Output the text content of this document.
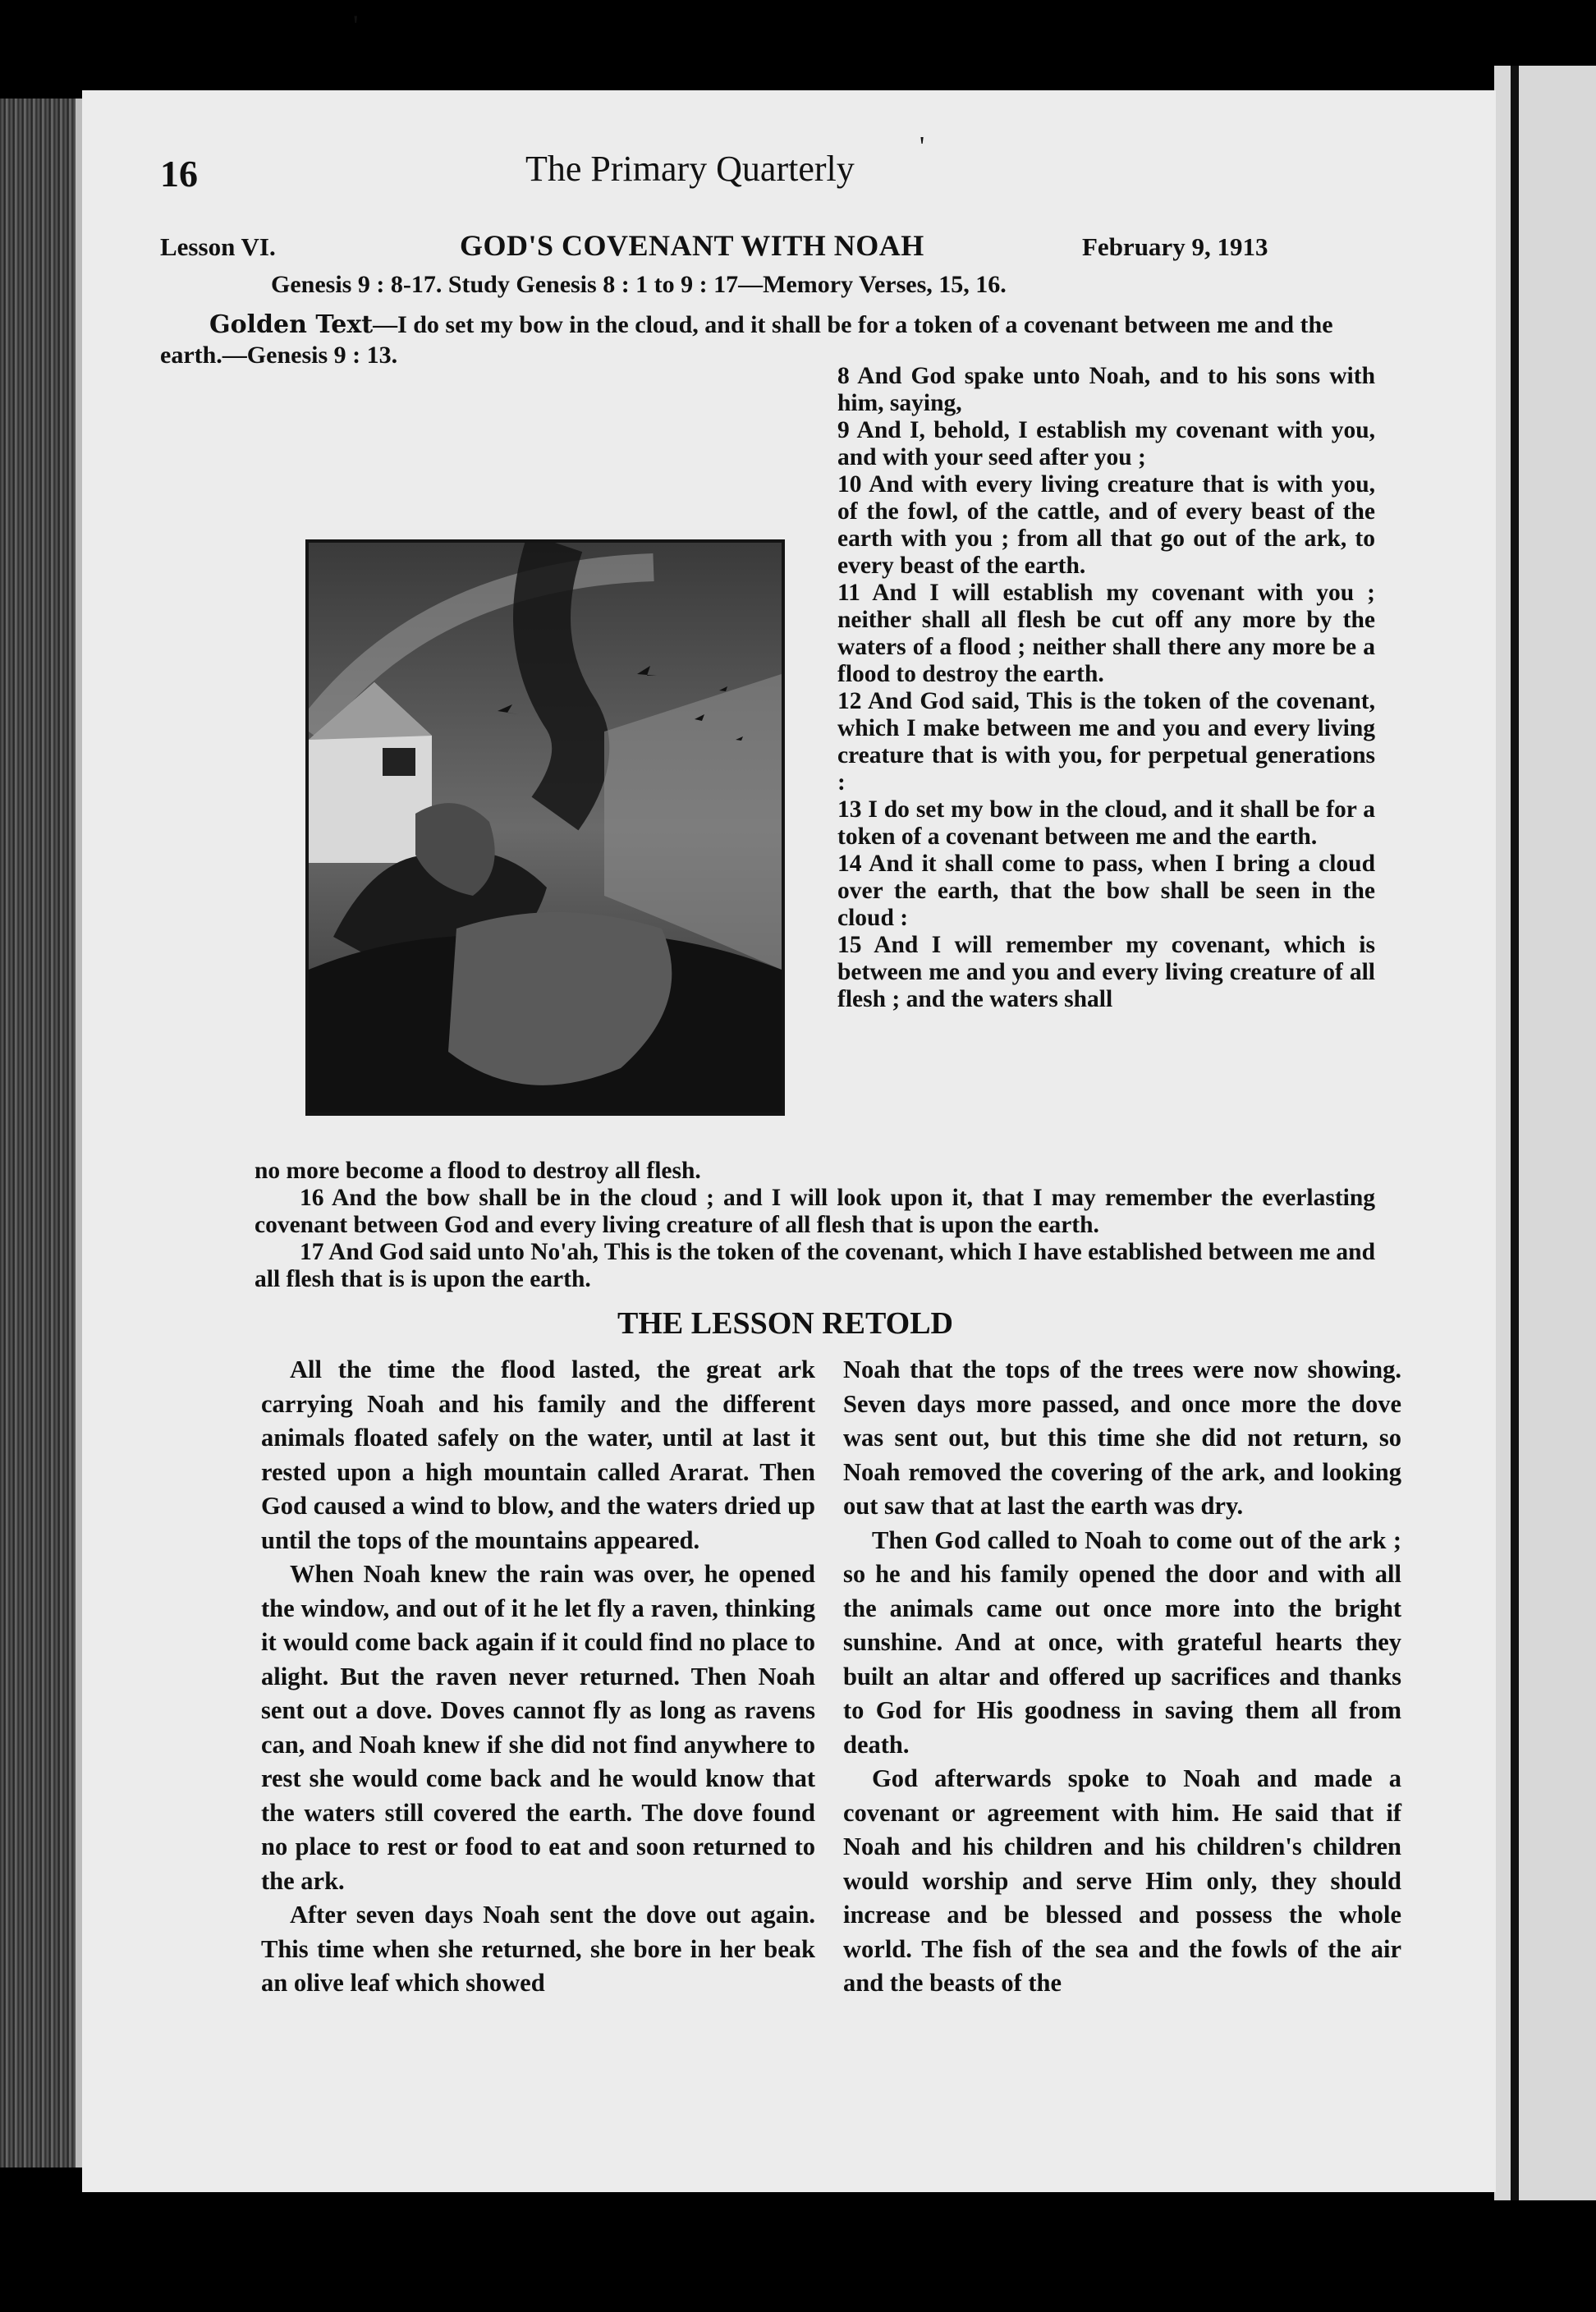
'
'
16	The Primary Quarterly
Lesson VI.	GOD'S COVENANT WITH NOAH	February 9, 1913
Genesis 9 : 8-17. Study Genesis 8 : 1 to 9 : 17—Memory Verses, 15, 16.
Golden Text—I do set my bow in the cloud, and it shall be for a token of a covenant between me and the earth.—Genesis 9 : 13.

8 And God spake unto Noah, and to his sons with him, saying,

9 And I, behold, I establish my covenant with you, and with your seed after you ;

10 And with every living creature that is with you, of the fowl, of the cattle, and of every beast of the earth with you ; from all that go out of the ark, to every beast of the earth.

11 And I will establish my covenant with you ; neither shall all flesh be cut off any more by the waters of a flood ; neither shall there any more be a flood to destroy the earth.

12 And God said, This is the token of the covenant, which I make between me and you and every living creature that is with you, for perpetual generations :

13 I do set my bow in the cloud, and it shall be for a token of a covenant between me and the earth.

14 And it shall come to pass, when I bring a cloud over the earth, that the bow shall be seen in the cloud :

15 And I will remember my covenant, which is between me and you and every living creature of all flesh ; and the waters shall

no more become a flood to destroy all flesh.

16 And the bow shall be in the cloud ; and I will look upon it, that I may remember the everlasting covenant between God and every living creature of all flesh that is upon the earth.

17 And God said unto No'ah, This is the token of the covenant, which I have established between me and all flesh that is is upon the earth.

THE LESSON RETOLD

All the time the flood lasted, the great ark carrying Noah and his family and the different animals floated safely on the water, until at last it rested upon a high mountain called Ararat. Then God caused a wind to blow, and the waters dried up until the tops of the mountains appeared.

When Noah knew the rain was over, he opened the window, and out of it he let fly a raven, thinking it would come back again if it could find no place to alight. But the raven never returned. Then Noah sent out a dove. Doves cannot fly as long as ravens can, and Noah knew if she did not find anywhere to rest she would come back and he would know that the waters still covered the earth. The dove found no place to rest or food to eat and soon returned to the ark.

After seven days Noah sent the dove out again. This time when she returned, she bore in her beak an olive leaf which showed

Noah that the tops of the trees were now showing. Seven days more passed, and once more the dove was sent out, but this time she did not return, so Noah removed the covering of the ark, and looking out saw that at last the earth was dry.

Then God called to Noah to come out of the ark ; so he and his family opened the door and with all the animals came out once more into the bright sunshine. And at once, with grateful hearts they built an altar and offered up sacrifices and thanks to God for His goodness in saving them all from death.

God afterwards spoke to Noah and made a covenant or agreement with him. He said that if Noah and his children and his children's children would worship and serve Him only, they should increase and be blessed and possess the whole world. The fish of the sea and the fowls of the air and the beasts of the
